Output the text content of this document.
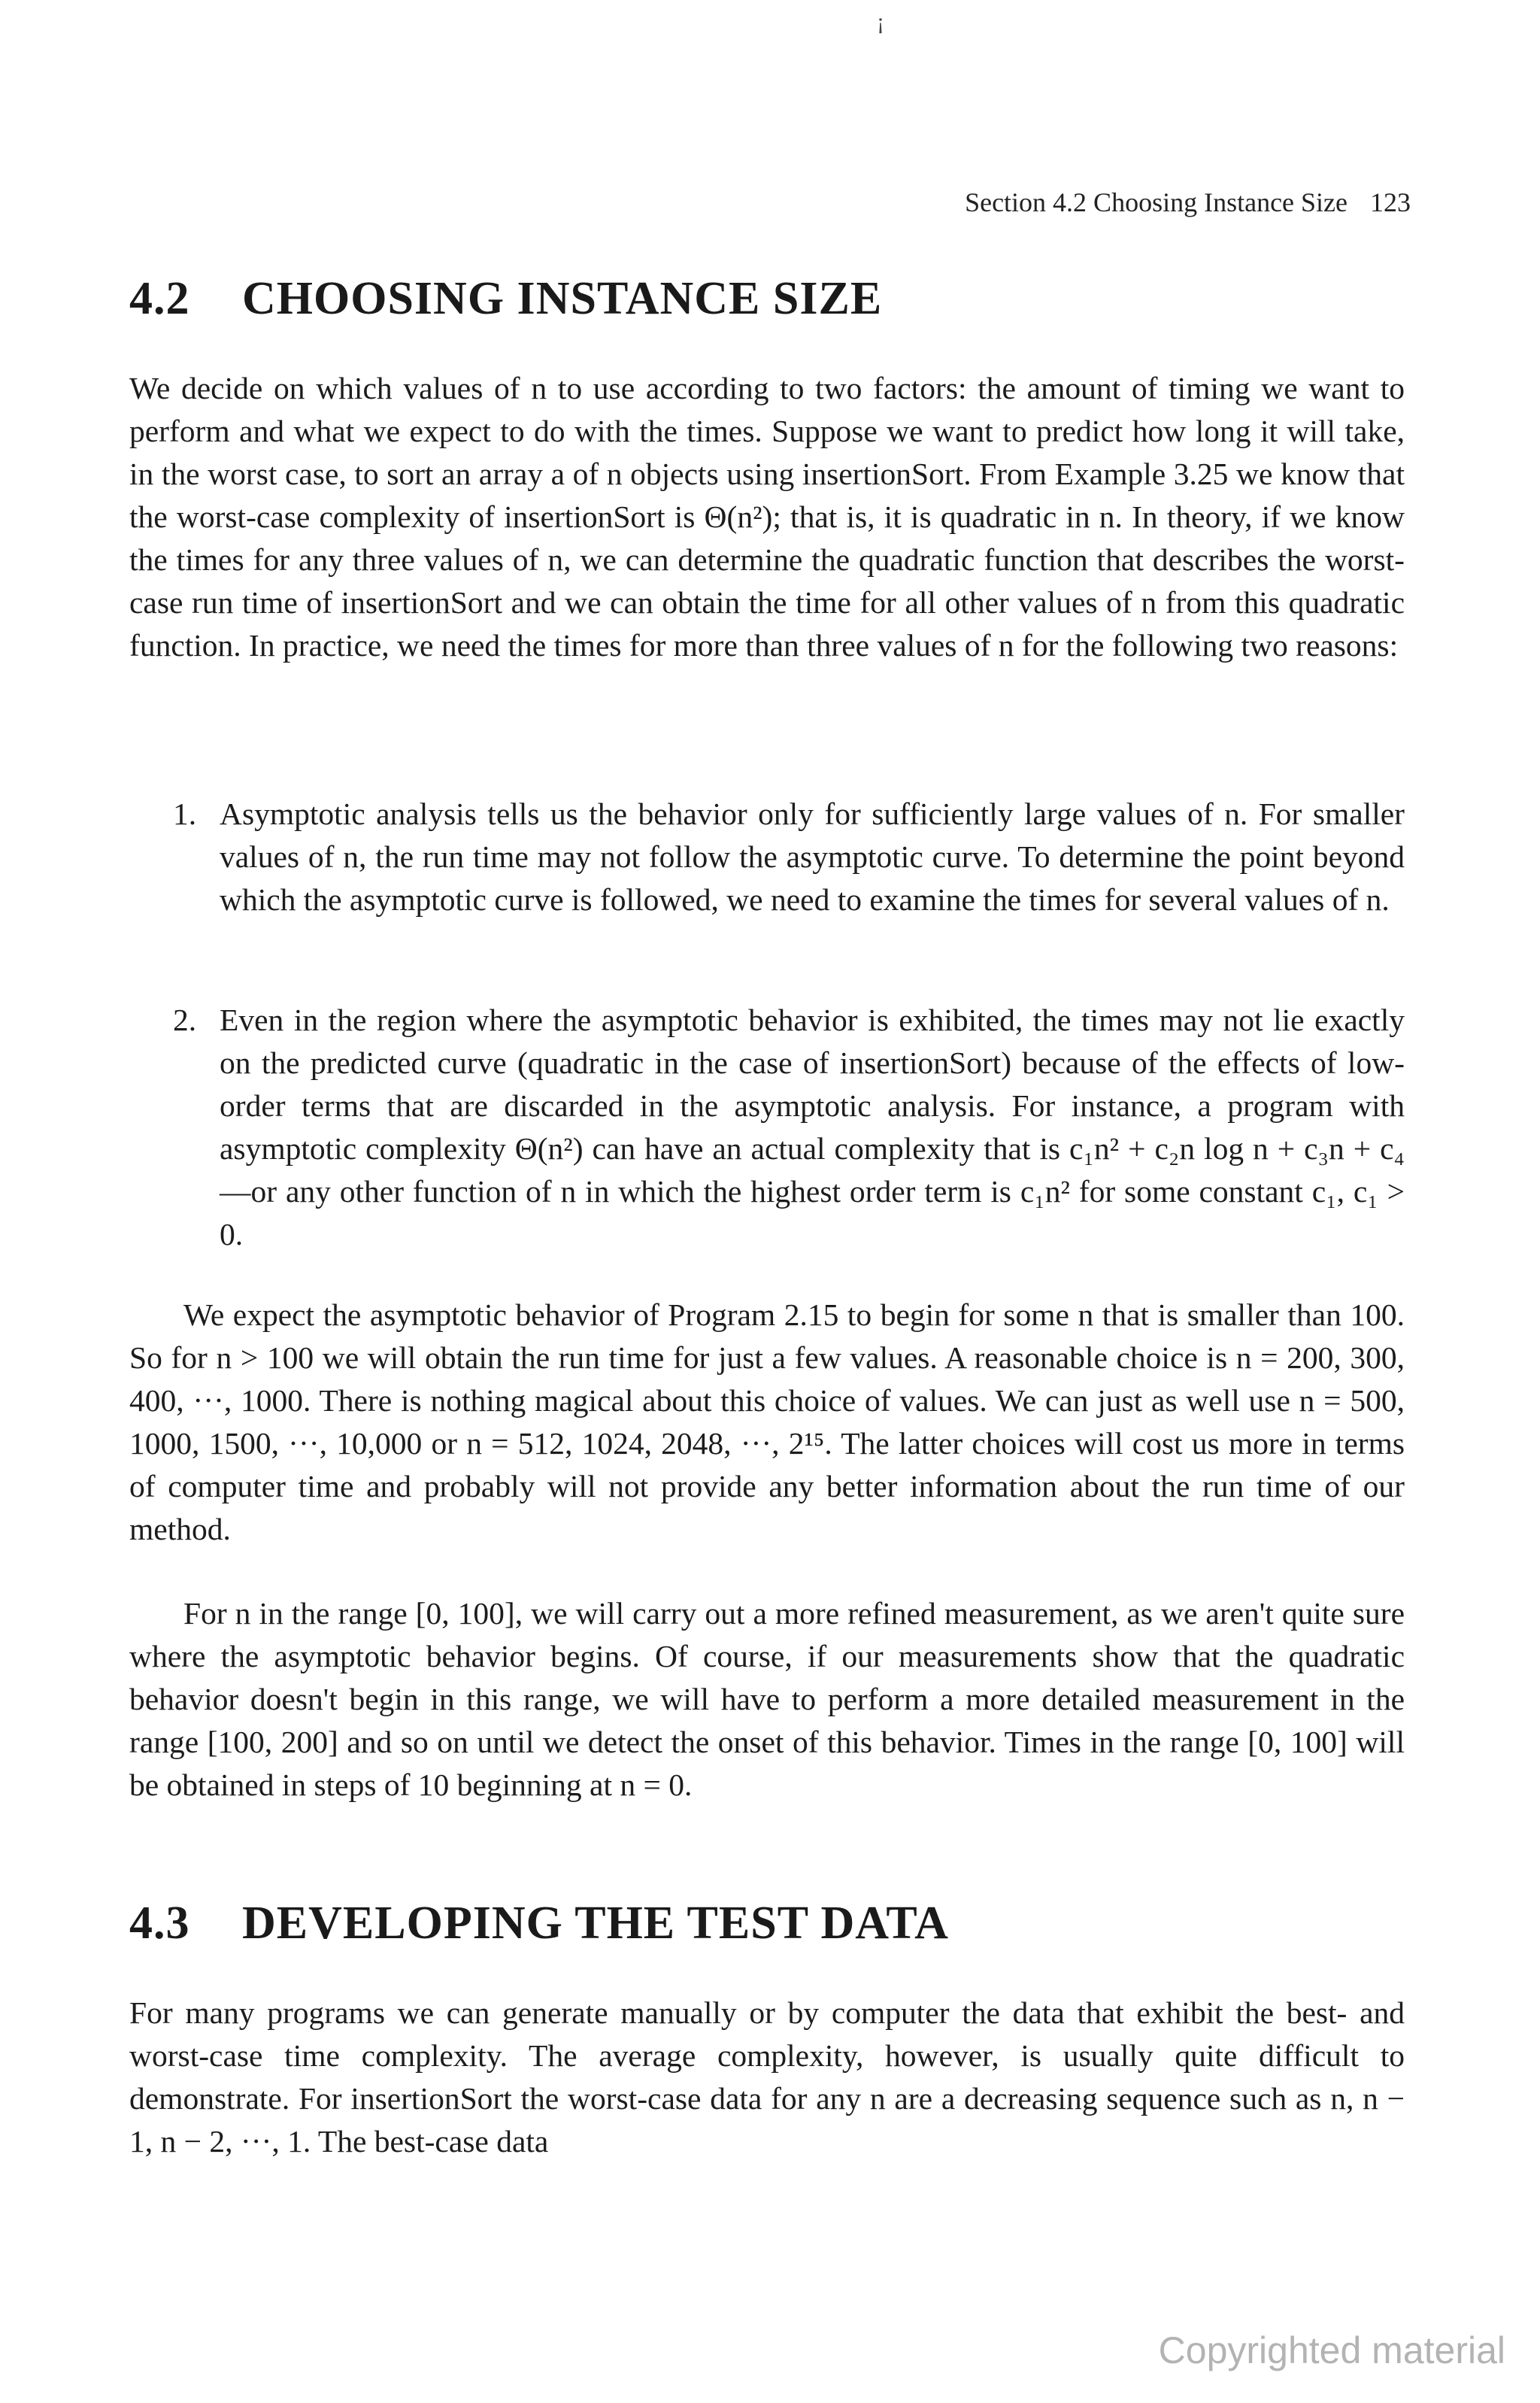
¡
Section 4.2 Choosing Instance Size 123
4.2 CHOOSING INSTANCE SIZE

We decide on which values of n to use according to two factors: the amount of timing we want to perform and what we expect to do with the times. Suppose we want to predict how long it will take, in the worst case, to sort an array a of n objects using insertionSort. From Example 3.25 we know that the worst-case complexity of insertionSort is Θ(n²); that is, it is quadratic in n. In theory, if we know the times for any three values of n, we can determine the quadratic function that describes the worst-case run time of insertionSort and we can obtain the time for all other values of n from this quadratic function. In practice, we need the times for more than three values of n for the following two reasons:

1. Asymptotic analysis tells us the behavior only for sufficiently large values of n. For smaller values of n, the run time may not follow the asymptotic curve. To determine the point beyond which the asymptotic curve is followed, we need to examine the times for several values of n.
2. Even in the region where the asymptotic behavior is exhibited, the times may not lie exactly on the predicted curve (quadratic in the case of insertionSort) because of the effects of low-order terms that are discarded in the asymptotic analysis. For instance, a program with asymptotic complexity Θ(n²) can have an actual complexity that is c₁n² + c₂n log n + c₃n + c₄—or any other function of n in which the highest order term is c₁n² for some constant c₁, c₁ > 0.

We expect the asymptotic behavior of Program 2.15 to begin for some n that is smaller than 100. So for n > 100 we will obtain the run time for just a few values. A reasonable choice is n = 200, 300, 400, ···, 1000. There is nothing magical about this choice of values. We can just as well use n = 500, 1000, 1500, ···, 10,000 or n = 512, 1024, 2048, ···, 2¹⁵. The latter choices will cost us more in terms of computer time and probably will not provide any better information about the run time of our method.

For n in the range [0, 100], we will carry out a more refined measurement, as we aren't quite sure where the asymptotic behavior begins. Of course, if our measurements show that the quadratic behavior doesn't begin in this range, we will have to perform a more detailed measurement in the range [100, 200] and so on until we detect the onset of this behavior. Times in the range [0, 100] will be obtained in steps of 10 beginning at n = 0.

4.3 DEVELOPING THE TEST DATA

For many programs we can generate manually or by computer the data that exhibit the best- and worst-case time complexity. The average complexity, however, is usually quite difficult to demonstrate. For insertionSort the worst-case data for any n are a decreasing sequence such as n, n − 1, n − 2, ···, 1. The best-case data

Copyrighted material
